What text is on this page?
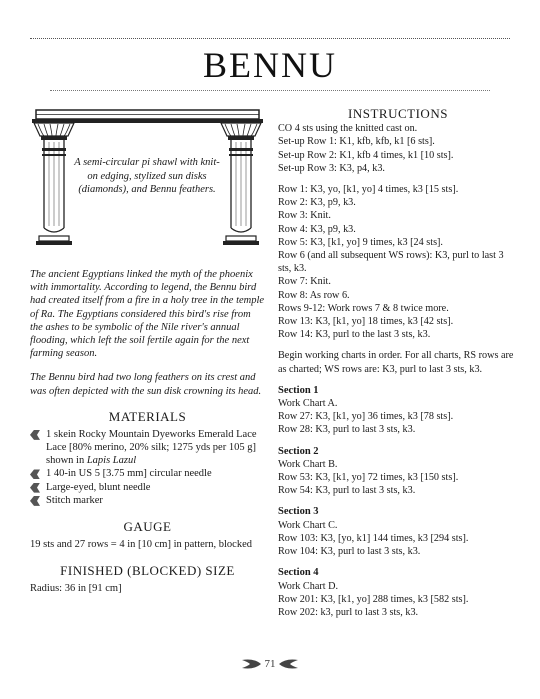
BENNU
A semi-circular pi shawl with knit-on edging, stylized sun disks (diamonds), and Bennu feathers.

The ancient Egyptians linked the myth of the phoenix with immortality. According to legend, the Bennu bird had created itself from a fire in a holy tree in the temple of Ra. The Egyptians considered this bird's rise from the ashes to be symbolic of the Nile river's annual flooding, which left the soil fertile again for the next farming season.

The Bennu bird had two long feathers on its crest and was often depicted with the sun disk crowning its head.

MATERIALS
1 skein Rocky Mountain Dyeworks Emerald Lace Lace [80% merino, 20% silk; 1275 yds per 105 g] shown in Lapis Lazul
1 40-in US 5 [3.75 mm] circular needle
Large-eyed, blunt needle
Stitch marker
GAUGE

19 sts and 27 rows = 4 in [10 cm] in pattern, blocked

FINISHED (BLOCKED) SIZE

Radius: 36 in [91 cm]

INSTRUCTIONS
CO 4 sts using the knitted cast on.
Set-up Row 1: K1, kfb, kfb, k1 [6 sts].
Set-up Row 2: K1, kfb 4 times, k1 [10 sts].
Set-up Row 3: K3, p4, k3.
Row 1: K3, yo, [k1, yo] 4 times, k3 [15 sts].
Row 2: K3, p9, k3.
Row 3: Knit.
Row 4: K3, p9, k3.
Row 5: K3, [k1, yo] 9 times, k3 [24 sts].
Row 6 (and all subsequent WS rows): K3, purl to last 3 sts, k3.
Row 7: Knit.
Row 8: As row 6.
Rows 9-12: Work rows 7 & 8 twice more.
Row 13: K3, [k1, yo] 18 times, k3 [42 sts].
Row 14: K3, purl to the last 3 sts, k3.
Begin working charts in order. For all charts, RS rows are as charted; WS rows are: K3, purl to last 3 sts, k3.
Section 1
Work Chart A.
Row 27: K3, [k1, yo] 36 times, k3 [78 sts].
Row 28: K3, purl to last 3 sts, k3.
Section 2
Work Chart B.
Row 53: K3, [k1, yo] 72 times, k3 [150 sts].
Row 54: K3, purl to last 3 sts, k3.
Section 3
Work Chart C.
Row 103: K3, [yo, k1] 144 times, k3 [294 sts].
Row 104: K3, purl to last 3 sts, k3.
Section 4
Work Chart D.
Row 201: K3, [k1, yo] 288 times, k3 [582 sts].
Row 202: k3, purl to last 3 sts, k3.
71
